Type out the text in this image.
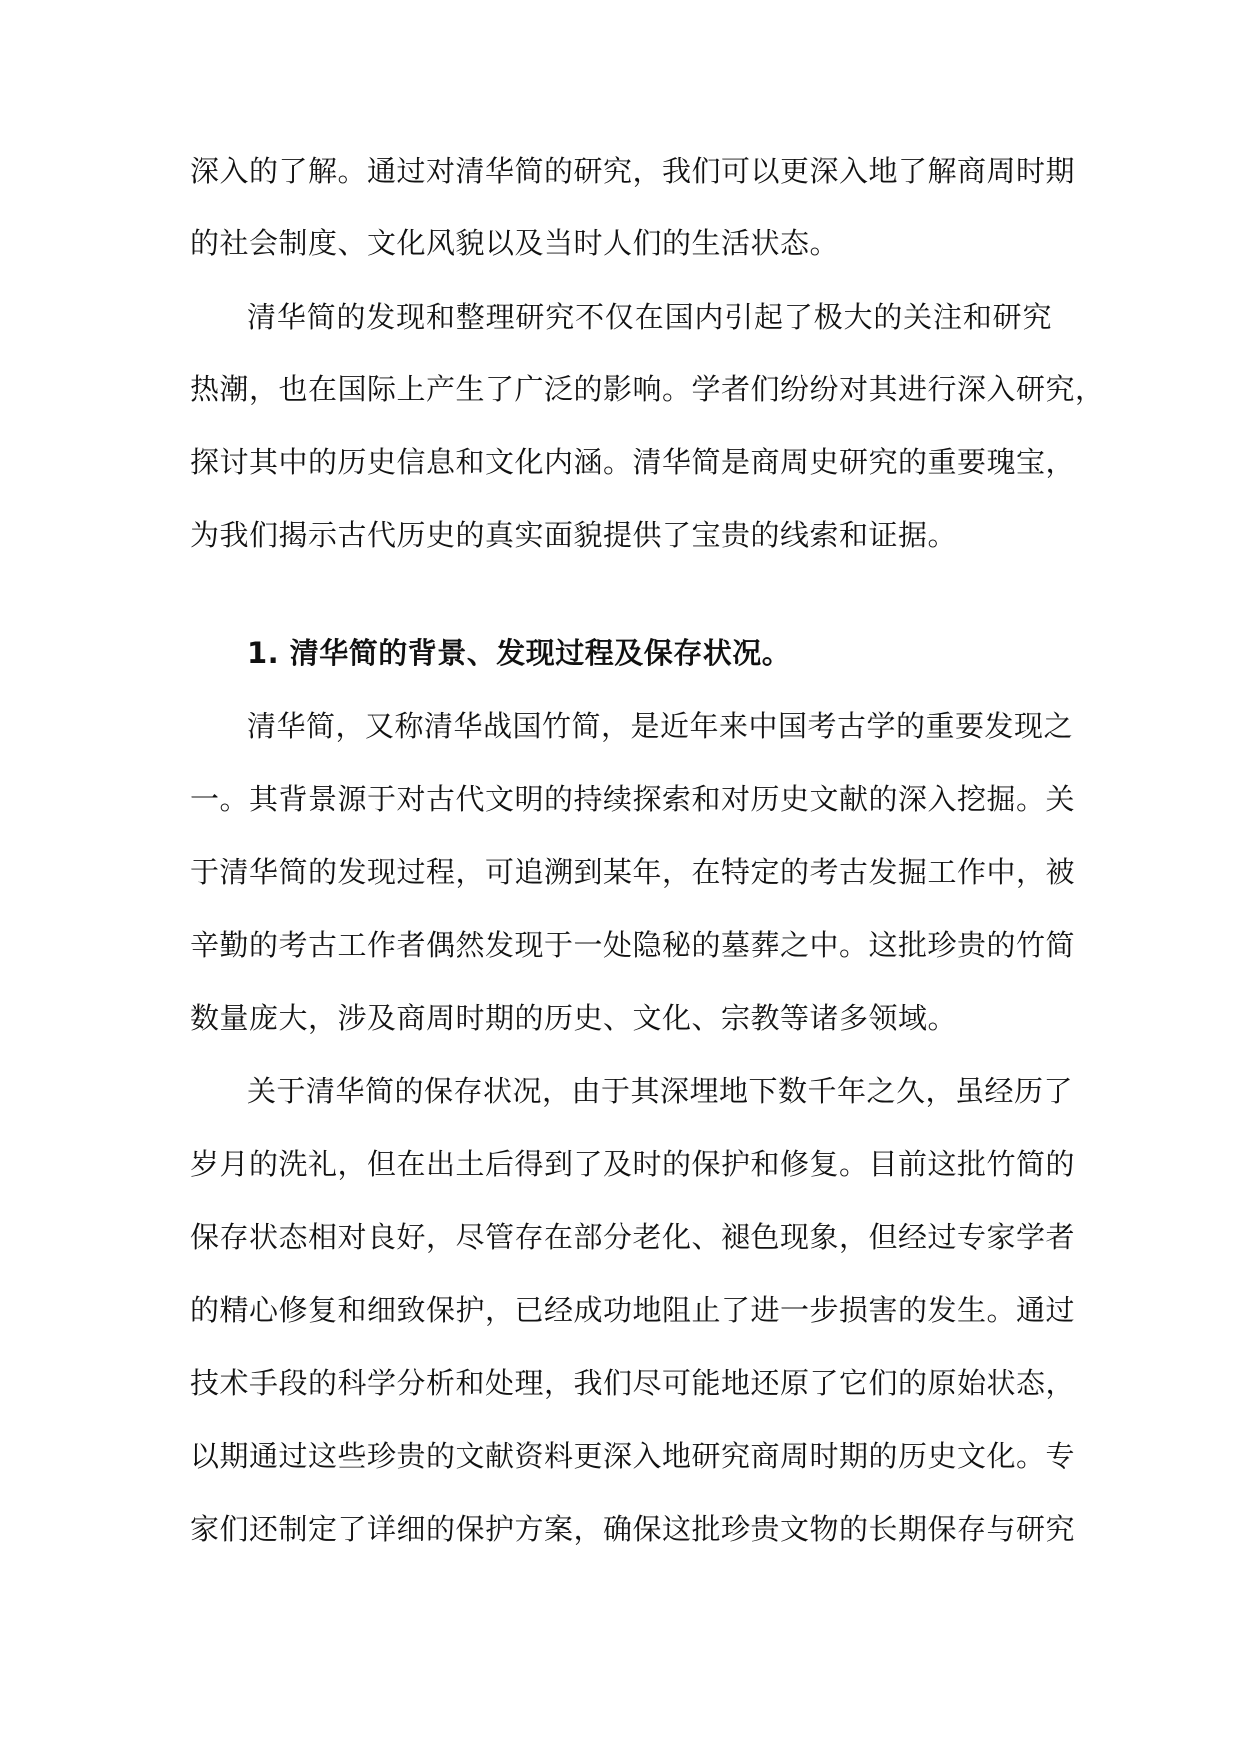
深入的了解。通过对清华简的研究，我们可以更深入地了解商周时期
的社会制度、文化风貌以及当时人们的生活状态。
清华简的发现和整理研究不仅在国内引起了极大的关注和研究
热潮，也在国际上产生了广泛的影响。学者们纷纷对其进行深入研究，
探讨其中的历史信息和文化内涵。清华简是商周史研究的重要瑰宝，
为我们揭示古代历史的真实面貌提供了宝贵的线索和证据。
1. 清华简的背景、发现过程及保存状况。
清华简，又称清华战国竹简，是近年来中国考古学的重要发现之
一。其背景源于对古代文明的持续探索和对历史文献的深入挖掘。关
于清华简的发现过程，可追溯到某年，在特定的考古发掘工作中，被
辛勤的考古工作者偶然发现于一处隐秘的墓葬之中。这批珍贵的竹简
数量庞大，涉及商周时期的历史、文化、宗教等诸多领域。
关于清华简的保存状况，由于其深埋地下数千年之久，虽经历了
岁月的洗礼，但在出土后得到了及时的保护和修复。目前这批竹简的
保存状态相对良好，尽管存在部分老化、褪色现象，但经过专家学者
的精心修复和细致保护，已经成功地阻止了进一步损害的发生。通过
技术手段的科学分析和处理，我们尽可能地还原了它们的原始状态，
以期通过这些珍贵的文献资料更深入地研究商周时期的历史文化。专
家们还制定了详细的保护方案，确保这批珍贵文物的长期保存与研究
